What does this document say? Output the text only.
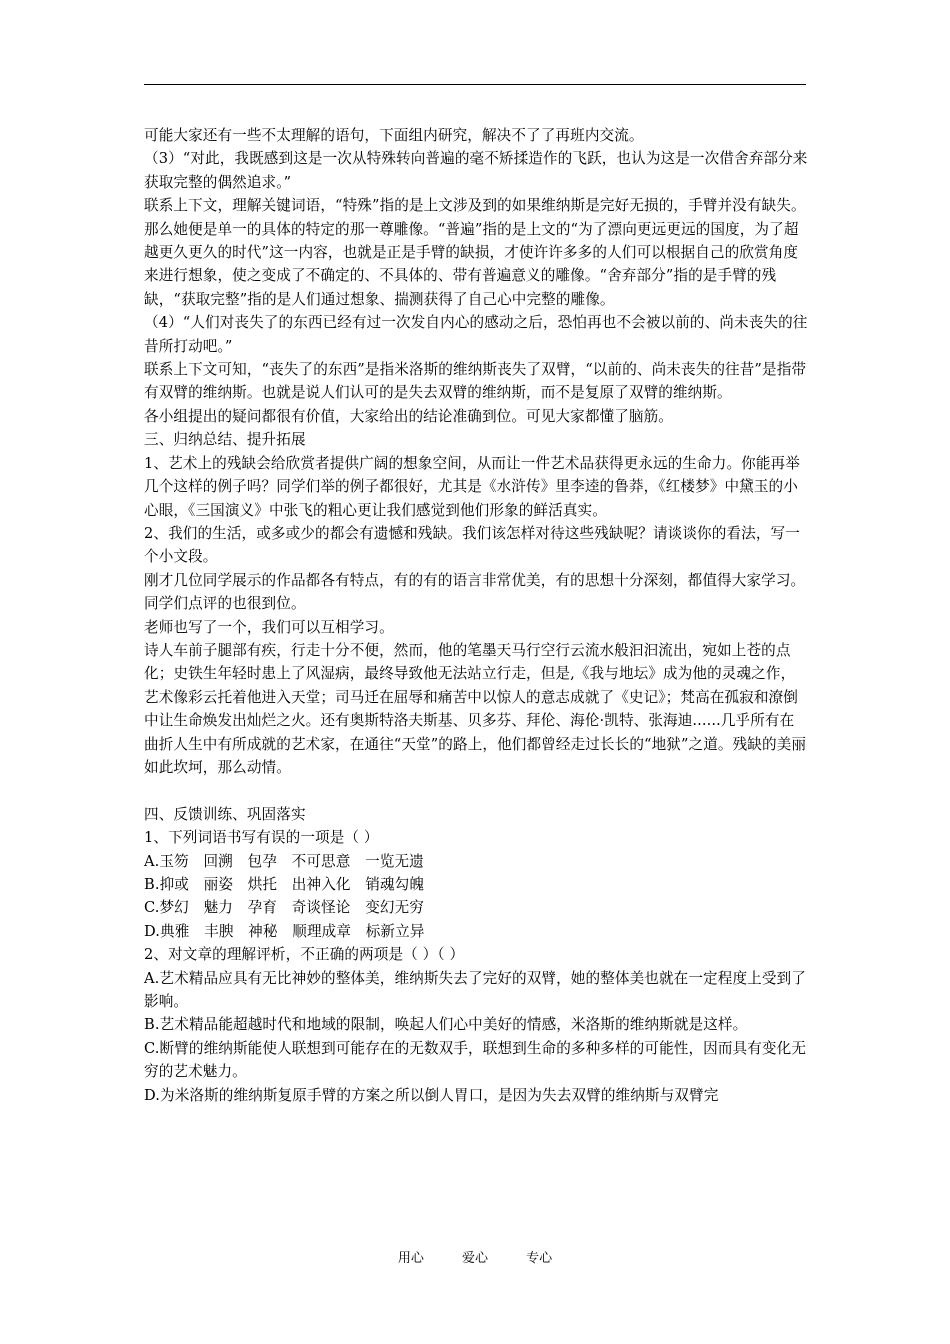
可能大家还有一些不太理解的语句，下面组内研究，解决不了了再班内交流。

（3）“对此，我既感到这是一次从特殊转向普遍的毫不矫揉造作的飞跃，也认为这是一次借舍弃部分来获取完整的偶然追求。”

联系上下文，理解关键词语，“特殊”指的是上文涉及到的如果维纳斯是完好无损的，手臂并没有缺失。那么她便是单一的具体的特定的那一尊雕像。“普遍”指的是上文的“为了漂向更远更远的国度，为了超越更久更久的时代”这一内容，也就是正是手臂的缺损，才使许许多多的人们可以根据自己的欣赏角度来进行想象，使之变成了不确定的、不具体的、带有普遍意义的雕像。“舍弃部分”指的是手臂的残缺，“获取完整”指的是人们通过想象、揣测获得了自己心中完整的雕像。

（4）“人们对丧失了的东西已经有过一次发自内心的感动之后，恐怕再也不会被以前的、尚未丧失的往昔所打动吧。”

联系上下文可知，“丧失了的东西”是指米洛斯的维纳斯丧失了双臂，“以前的、尚未丧失的往昔”是指带有双臂的维纳斯。也就是说人们认可的是失去双臂的维纳斯，而不是复原了双臂的维纳斯。

各小组提出的疑问都很有价值，大家给出的结论准确到位。可见大家都懂了脑筋。

三、归纳总结、提升拓展

1、艺术上的残缺会给欣赏者提供广阔的想象空间，从而让一件艺术品获得更永远的生命力。你能再举几个这样的例子吗？同学们举的例子都很好，尤其是《水浒传》里李逵的鲁莽，《红楼梦》中黛玉的小心眼，《三国演义》中张飞的粗心更让我们感觉到他们形象的鲜活真实。

2、我们的生活，或多或少的都会有遗憾和残缺。我们该怎样对待这些残缺呢？请谈谈你的看法，写一个小文段。

刚才几位同学展示的作品都各有特点，有的有的语言非常优美，有的思想十分深刻，都值得大家学习。同学们点评的也很到位。

老师也写了一个，我们可以互相学习。

诗人车前子腿部有疾，行走十分不便，然而，他的笔墨天马行空行云流水般汩汩流出，宛如上苍的点化；史铁生年轻时患上了风湿病，最终导致他无法站立行走，但是,《我与地坛》成为他的灵魂之作，艺术像彩云托着他进入天堂；司马迁在屈辱和痛苦中以惊人的意志成就了《史记》；梵高在孤寂和潦倒中让生命焕发出灿烂之火。还有奥斯特洛夫斯基、贝多芬、拜伦、海伦·凯特、张海迪......几乎所有在曲折人生中有所成就的艺术家，在通往“天堂”的路上，他们都曾经走过长长的“地狱”之道。残缺的美丽如此坎坷，那么动情。

四、反馈训练、巩固落实

1、下列词语书写有误的一项是（ ）

A.玉笏　回溯　包孕　不可思意　一览无遗

B.抑或　丽姿　烘托　出神入化　销魂勾魄

C.梦幻　魅力　孕育　奇谈怪论　变幻无穷

D.典雅　丰腴　神秘　顺理成章　标新立异

2、对文章的理解评析，不正确的两项是（ ）（ ）

A.艺术精品应具有无比神妙的整体美，维纳斯失去了完好的双臂，她的整体美也就在一定程度上受到了影响。

B.艺术精品能超越时代和地域的限制，唤起人们心中美好的情感，米洛斯的维纳斯就是这样。

C.断臂的维纳斯能使人联想到可能存在的无数双手，联想到生命的多种多样的可能性，因而具有变化无穷的艺术魅力。

D.为米洛斯的维纳斯复原手臂的方案之所以倒人胃口，是因为失去双臂的维纳斯与双臂完

用心	爱心	专心
